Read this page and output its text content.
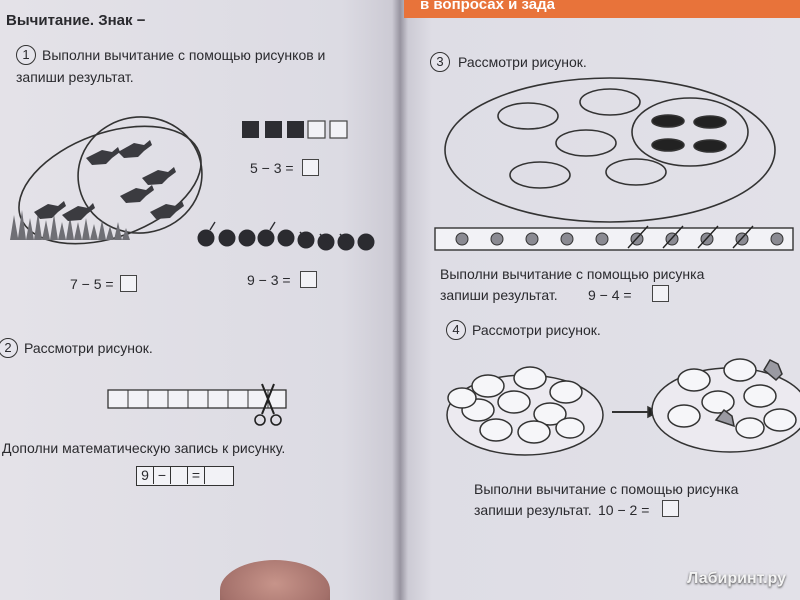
в вопросах и зада
Вычитание. Знак −
1 Выполни вычитание с помощью рисунков и
запиши результат.
5 − 3 =
7 − 5 =	9 − 3 =
2 Рассмотри рисунок.
Дополни математическую запись к рисунку.
9 −	=
3	Рассмотри рисунок.
Выполни вычитание с помощью рисунка
запиши результат. 9 − 4 =
4 Рассмотри рисунок.
Выполни вычитание с помощью рисунка
запиши результат. 10 − 2 =
Лабиринт.ру
